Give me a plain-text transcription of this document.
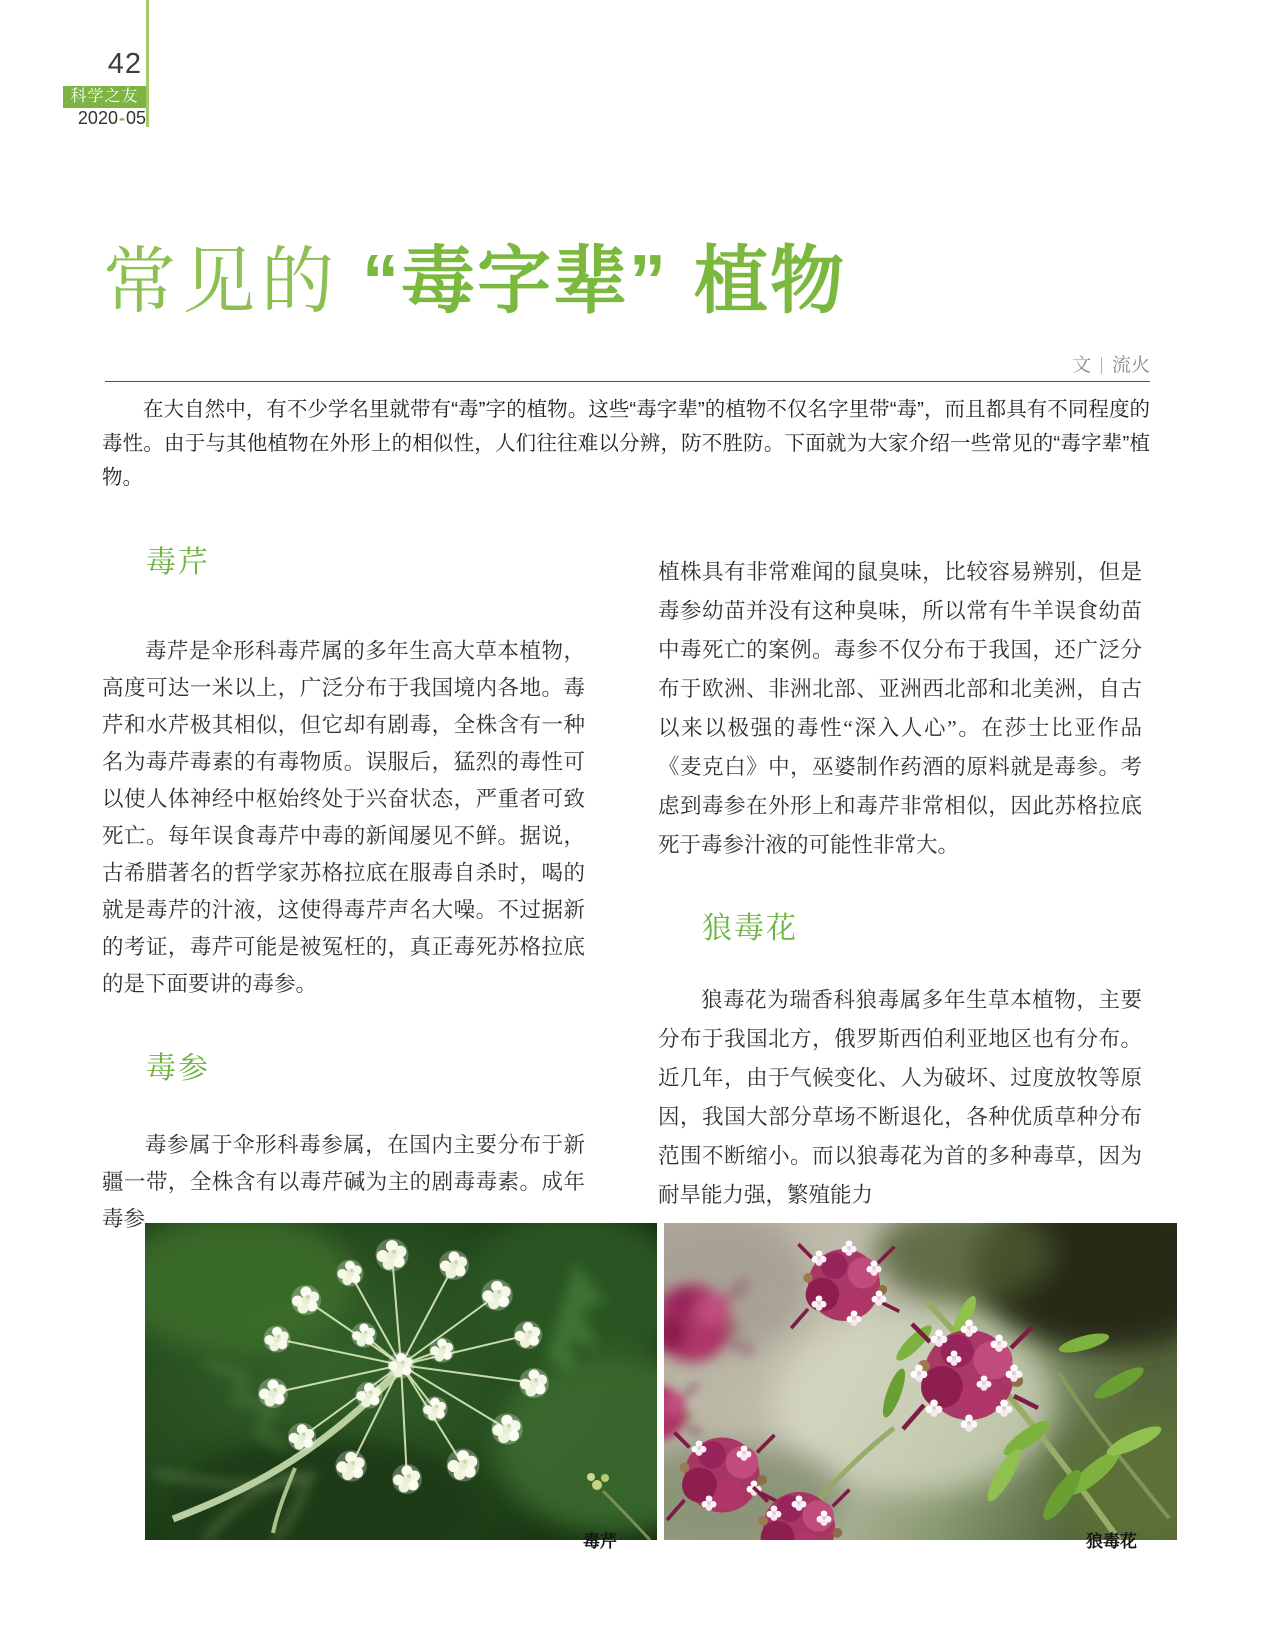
42
科学之友
2020-05
常见的 “毒字辈” 植物
文 流火

在大自然中，有不少学名里就带有“毒”字的植物。这些“毒字辈”的植物不仅名字里带“毒”，而且都具有不同程度的毒性。由于与其他植物在外形上的相似性，人们往往难以分辨，防不胜防。下面就为大家介绍一些常见的“毒字辈”植物。

毒芹

毒芹是伞形科毒芹属的多年生高大草本植物，高度可达一米以上，广泛分布于我国境内各地。毒芹和水芹极其相似，但它却有剧毒，全株含有一种名为毒芹毒素的有毒物质。误服后，猛烈的毒性可以使人体神经中枢始终处于兴奋状态，严重者可致死亡。每年误食毒芹中毒的新闻屡见不鲜。据说，古希腊著名的哲学家苏格拉底在服毒自杀时，喝的就是毒芹的汁液，这使得毒芹声名大噪。不过据新的考证，毒芹可能是被冤枉的，真正毒死苏格拉底的是下面要讲的毒参。

毒参

毒参属于伞形科毒参属，在国内主要分布于新疆一带，全株含有以毒芹碱为主的剧毒毒素。成年毒参

植株具有非常难闻的鼠臭味，比较容易辨别，但是毒参幼苗并没有这种臭味，所以常有牛羊误食幼苗中毒死亡的案例。毒参不仅分布于我国，还广泛分布于欧洲、非洲北部、亚洲西北部和北美洲，自古以来以极强的毒性“深入人心”。在莎士比亚作品《麦克白》中，巫婆制作药酒的原料就是毒参。考虑到毒参在外形上和毒芹非常相似，因此苏格拉底死于毒参汁液的可能性非常大。

狼毒花

狼毒花为瑞香科狼毒属多年生草本植物，主要分布于我国北方，俄罗斯西伯利亚地区也有分布。近几年，由于气候变化、人为破坏、过度放牧等原因，我国大部分草场不断退化，各种优质草种分布范围不断缩小。而以狼毒花为首的多种毒草，因为耐旱能力强，繁殖能力

毒芹	狼毒花
